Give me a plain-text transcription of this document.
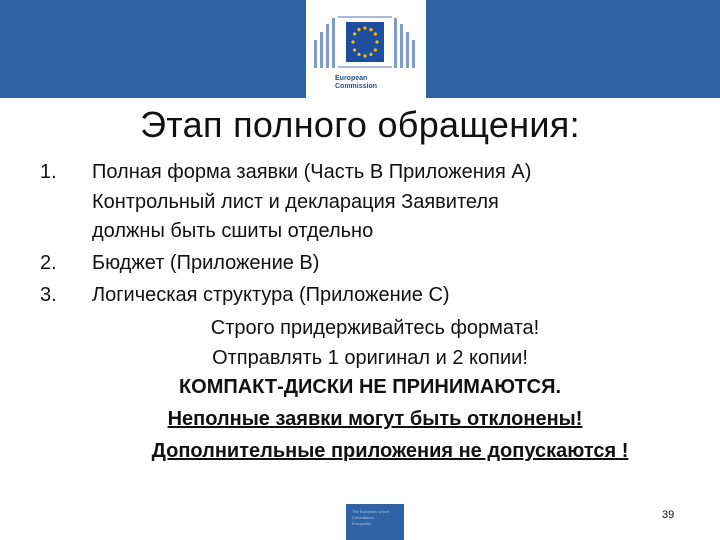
European
Commission
Этап полного обращения:
1. Полная форма заявки (Часть B Приложения A)
Контрольный лист и декларация Заявителя
должны быть сшиты отдельно
2. Бюджет (Приложение B)
3. Логическая структура (Приложение C)
Строго придерживайтесь формата!
Отправлять 1 оригинал и 2 копии!
КОМПАКТ-ДИСКИ НЕ ПРИНИМАЮТСЯ.
Неполные заявки могут быть отклонены!
Дополнительные приложения не допускаются !
The European Union
Commission
EuropeAid
39
